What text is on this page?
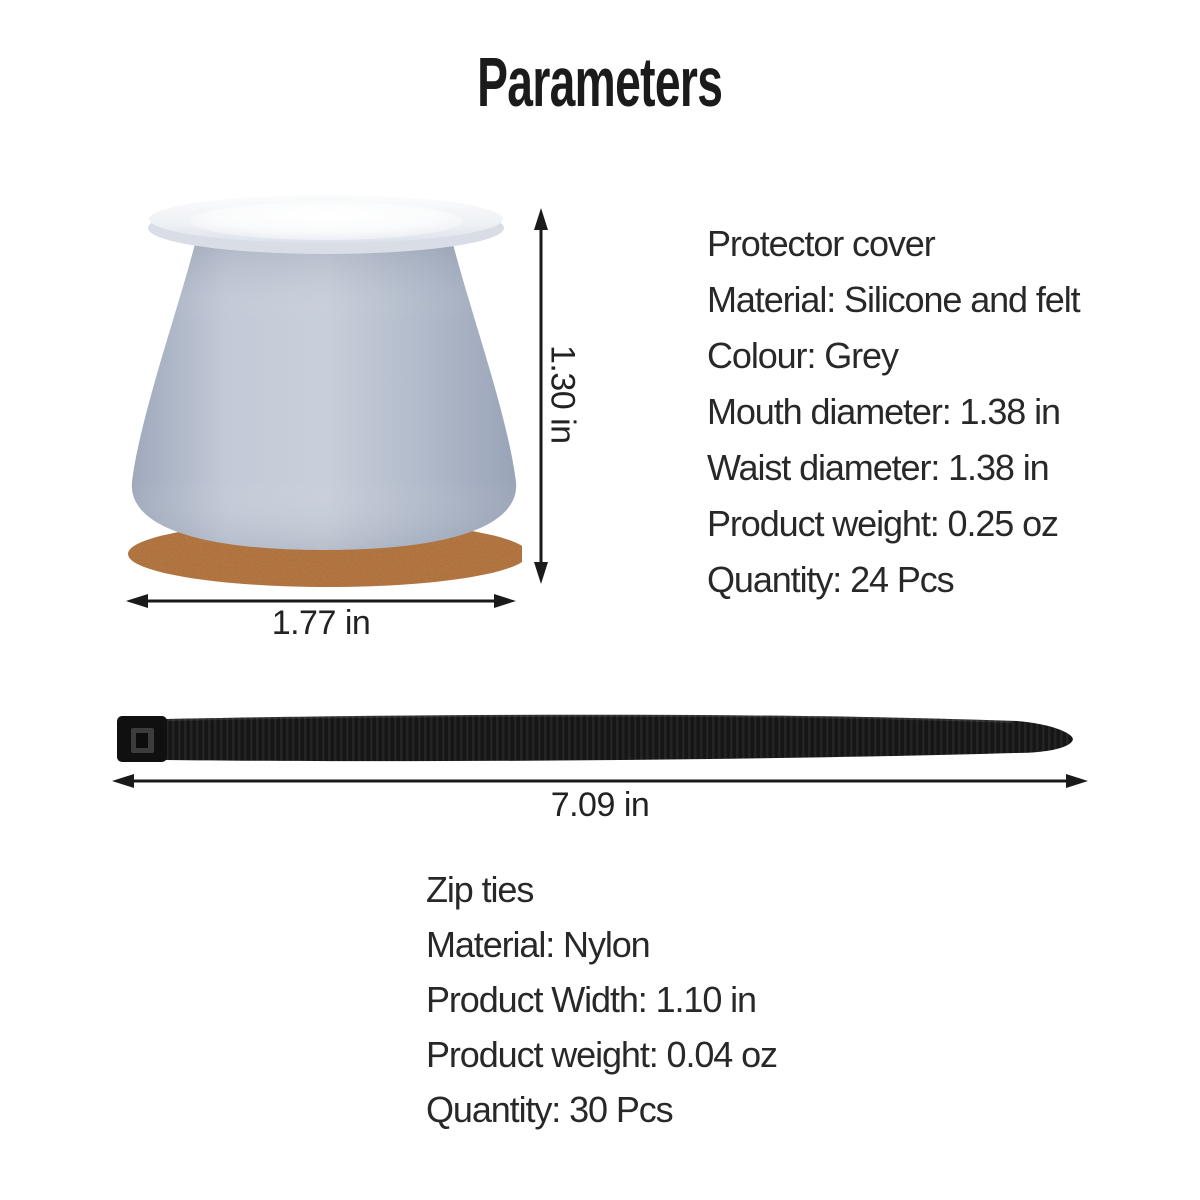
Parameters
1.30 in
1.77 in
Protector cover
Material: Silicone and felt
Colour: Grey
Mouth diameter: 1.38 in
Waist diameter: 1.38 in
Product weight: 0.25 oz
Quantity: 24 Pcs
7.09 in
Zip ties
Material: Nylon
Product Width: 1.10 in
Product weight: 0.04 oz
Quantity: 30 Pcs
